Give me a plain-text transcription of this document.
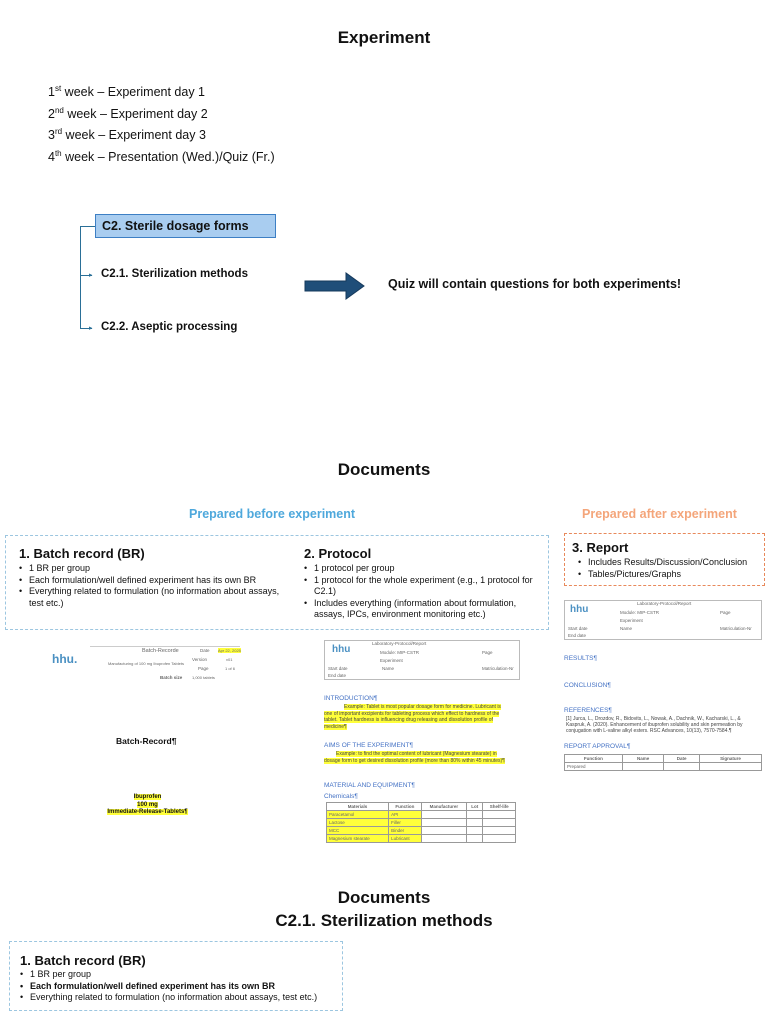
Experiment
1st week – Experiment day 1
2nd week – Experiment day 2
3rd week – Experiment day 3
4th week – Presentation (Wed.)/Quiz (Fr.)
▸
▸
C2. Sterile dosage forms
C2.1. Sterilization methods
C2.2. Aseptic processing
Quiz will contain questions for both experiments!
Documents
Prepared before experiment	Prepared after experiment
1. Batch record (BR)
• 1 BR per group
• Each formulation/well defined experiment has its own BR
• Everything related to formulation (no information about assays, test etc.)
2. Protocol
• 1 protocol per group
• 1 protocol for the whole experiment (e.g., 1 protocol for C2.1)
• Includes everything (information about formulation, assays, IPCs, environment monitoring etc.)
3. Report
• Includes Results/Discussion/Conclusion
• Tables/Pictures/Graphs
hhu.
Batch-Recorde
Manufacturing of 100 mg Ibuprofen Tablets
Date Apr 22, 2025
Version	v01
Page	1 of 6
Batch size 1,000 tablets
Batch-Record¶
Ibuprofen
100 mg
Immediate-Release-Tablets¶
hhu
Laboratory-Protocol/Report
Module: MIP-CSTR
Experiment
Page
Start date
End date
Name	Matriculation-Nr
INTRODUCTION¶
Example: Tablet is most popular dosage form for medicine. Lubricant is one of important excipients for tableting process which effect to hardness of the tablet. Tablet hardness is influencing drug releasing and dissolution profile of medicine¶
AIMS OF THE EXPERIMENT¶
Example: to find the optimal content of lubricant (Magnesium stearate) in dosage form to get desired dissolution profile (more than 80% within 45 minutes)¶
MATERIAL AND EQUIPMENT¶
Chemicals¶
Materials	Function	Manufacturer	Lot	Shelf-life
Paracetamol	API			
Lactose	Filler			
MCC	Binder			
Magnesium stearate	Lubricant			
hhu
Laboratory-Protocol/Report
Module: MIP-CSTR
Experiment
Page
Start date
End date
Name	Matriculation-Nr
RESULTS¶
CONCLUSION¶
REFERENCES¶
[1] Jurca, L., Drozdov, R., Bidovits, L., Nowak, A., Dachnik, W., Kacharski, L., & Kaspruk, A. (2020). Enhancement of ibuprofen solubility and skin permeation by conjugation with L-valine alkyl esters. RSC Advances, 10(13), 7570-7584.¶
REPORT APPROVAL¶
Function	Name	Date	Signature
Prepared			
Documents
C2.1. Sterilization methods
1. Batch record (BR)
• 1 BR per group
• Each formulation/well defined experiment has its own BR
• Everything related to formulation (no information about assays, test etc.)
